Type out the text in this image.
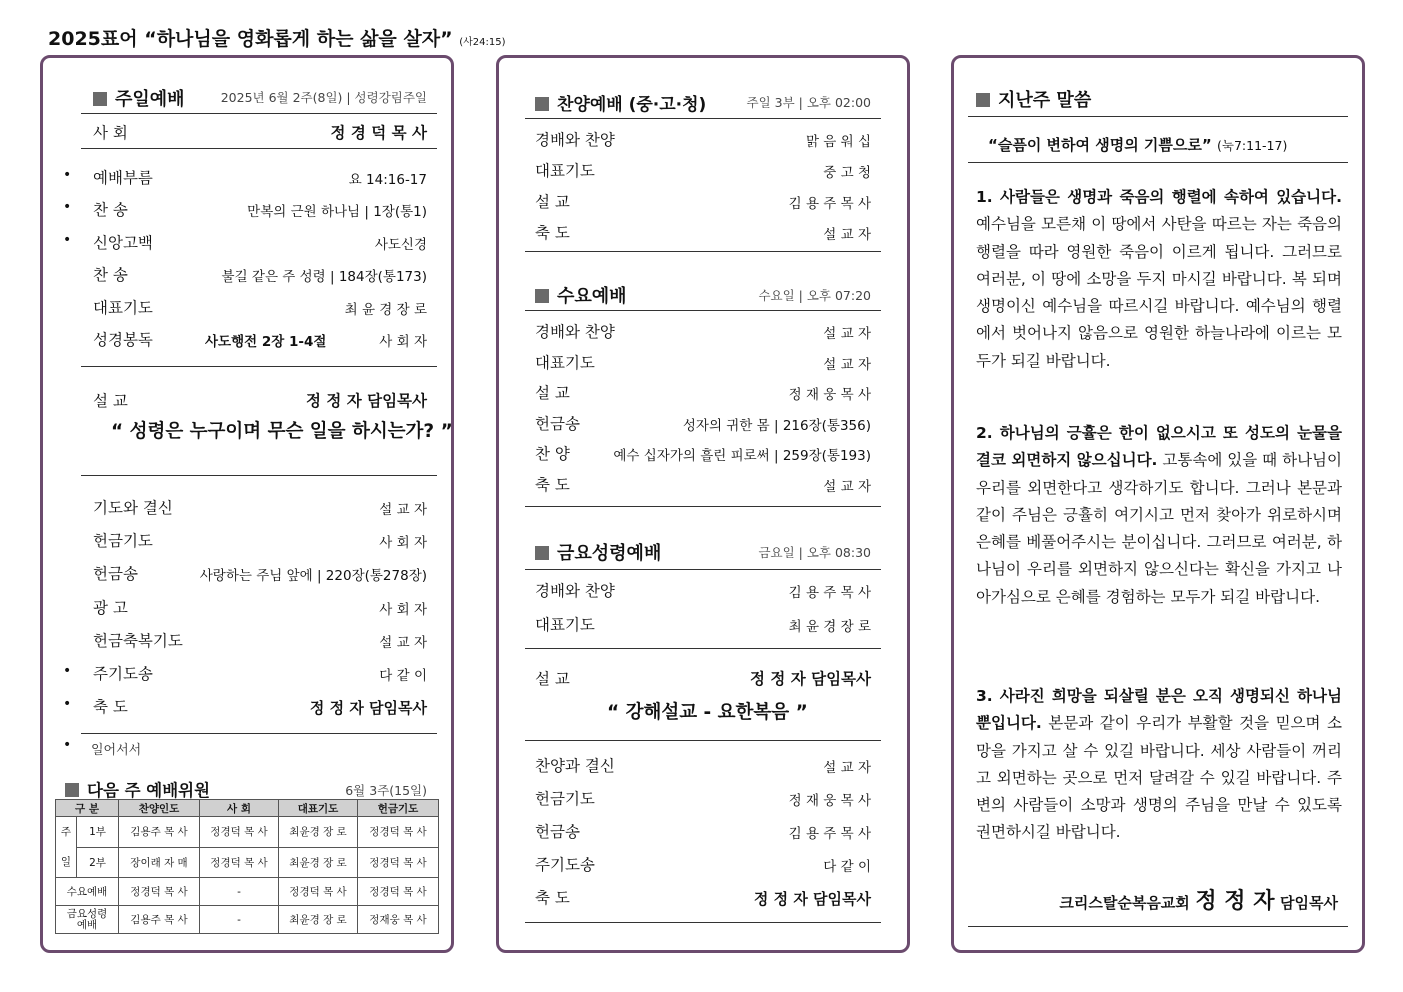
2025표어 “하나님을 영화롭게 하는 삶을 살자” (사24:15)
주일예배	2025년 6월 2주(8일) | 성령강림주일
사 회	정 경 덕 목 사
• 예배부름	요 14:16-17
• 찬 송	만복의 근원 하나님 | 1장(통1)
• 신앙고백	사도신경
찬 송	불길 같은 주 성령 | 184장(통173)
대표기도	최 윤 경 장 로
성경봉독	사도행전 2장 1-4절	사 회 자
설 교	정 정 자 담임목사
“ 성령은 누구이며 무슨 일을 하시는가? ”
기도와 결신	설 교 자
헌금기도	사 회 자
헌금송	사랑하는 주님 앞에 | 220장(통278장)
광 고	사 회 자
헌금축복기도	설 교 자
• 주기도송	다 같 이
• 축 도	정 정 자 담임목사
• 일어서서
다음 주 예배위원	6월 3주(15일)
구 분		찬양인도	사 회	대표기도	헌금기도
주일	1부	김용주 목 사	정경덕 목 사	최윤경 장 로	정경덕 목 사
	2부	장이래 자 매	정경덕 목 사	최윤경 장 로	정경덕 목 사
수요예배		정경덕 목 사	-	정경덕 목 사	정경덕 목 사
금요성령 예배		김용주 목 사	-	최윤경 장 로	정재웅 목 사
찬양예배 (중·고·청)	주일 3부 | 오후 02:00
경배와 찬양	맑 음 워 십
대표기도	중 고 청
설 교	김 용 주 목 사
축 도	설 교 자
수요예배	수요일 | 오후 07:20
경배와 찬양	설 교 자
대표기도	설 교 자
설 교	정 재 웅 목 사
헌금송	성자의 귀한 몸 | 216장(통356)
찬 양	예수 십자가의 흘린 피로써 | 259장(통193)
축 도	설 교 자
금요성령예배	금요일 | 오후 08:30
경배와 찬양	김 용 주 목 사
대표기도	최 윤 경 장 로
설 교	정 정 자 담임목사
“ 강해설교 - 요한복음 ”
찬양과 결신	설 교 자
헌금기도	정 재 웅 목 사
헌금송	김 용 주 목 사
주기도송	다 같 이
축 도	정 정 자 담임목사
지난주 말씀
“슬픔이 변하여 생명의 기쁨으로” (눅7:11-17)
1. 사람들은 생명과 죽음의 행렬에 속하여 있습니다. 예수님을 모른채 이 땅에서 사탄을 따르는 자는 죽음의 행렬을 따라 영원한 죽음이 이르게 됩니다. 그러므로 여러분, 이 땅에 소망을 두지 마시길 바랍니다. 복 되며 생명이신 예수님을 따르시길 바랍니다. 예수님의 행렬에서 벗어나지 않음으로 영원한 하늘나라에 이르는 모두가 되길 바랍니다.
2. 하나님의 긍휼은 한이 없으시고 또 성도의 눈물을 결코 외면하지 않으십니다. 고통속에 있을 때 하나님이 우리를 외면한다고 생각하기도 합니다. 그러나 본문과 같이 주님은 긍휼히 여기시고 먼저 찾아가 위로하시며 은혜를 베풀어주시는 분이십니다. 그러므로 여러분, 하나님이 우리를 외면하지 않으신다는 확신을 가지고 나아가심으로 은혜를 경험하는 모두가 되길 바랍니다.
3. 사라진 희망을 되살릴 분은 오직 생명되신 하나님뿐입니다. 본문과 같이 우리가 부활할 것을 믿으며 소망을 가지고 살 수 있길 바랍니다. 세상 사람들이 꺼리고 외면하는 곳으로 먼저 달려갈 수 있길 바랍니다. 주변의 사람들이 소망과 생명의 주님을 만날 수 있도록 권면하시길 바랍니다.
크리스탈순복음교회 정 정 자 담임목사
